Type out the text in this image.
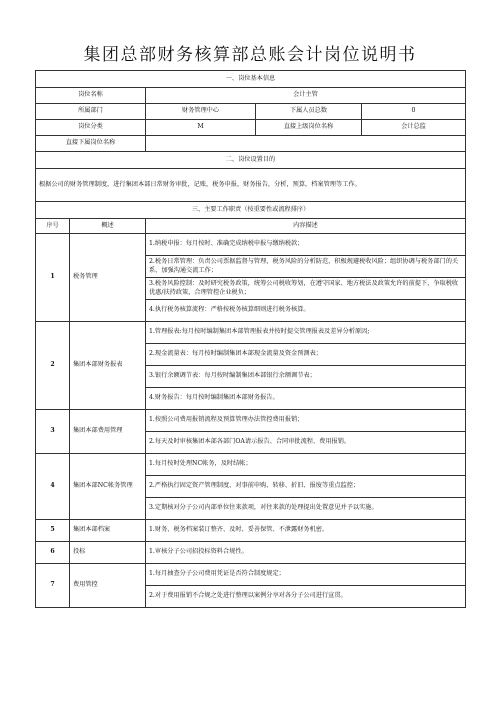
集团总部财务核算部总账会计岗位说明书
一、岗位基本信息				
岗位名称		会计主管		
所属部门		财务管理中心	下属人员总数	0
岗位分类		M	直接上级岗位名称	会计总监
直接下属岗位名称				
二、岗位设置目的				
根据公司的财务管理制度，进行集团本部日常财务审批，记账，税务申报，财务报告，分析，预算，档案管理等工作。				
三、主要工作职责（按重要性或流程排序）				
序号	概述	内容描述		
1	税务管理	1.纳税申报：每月按时、准确完成纳税申报与缴纳税款；		
		2.税务日常管理：负责公司票据监督与管理，税务风险的分析防范，积极规避税收风险；组织协调与税务部门的关系，加强沟通交流工作；		
		3.税务风险控制：及时研究税务政策，统筹公司税收筹划，在遵守国家、地方税法及政策允许的前提下，争取税收优惠/扶持政策，合理管控企业税负；		
		4.执行税务核算流程：严格按税务核算细则进行税务核算。		
2	集团本部财务报表	1.管理报表:每月按时编制集团本部管理报表并按时提交管理报表及差异分析原因;		
		2.现金流量表：每月按时编制集团本部现金流量及资金预测表；		
		3.银行余额调节表：每月按时编制集团本部银行余额调节表；		
		4.财务报告：每月按时编制集团本部财务报告。		
3	集团本部费用管理	1.按照公司费用报销流程及预算管理办法管控费用报销；		
		2.每天及时审核集团本部各部门OA请示报告、合同审批流程、费用报销。		
4	集团本部NC帐务管理	1.每月按时处理NC帐务，及时结帐；		
		2.严格执行固定资产管理制度，对事前申购、转移、折旧、报废等重点监控；		
		3.定期核对分子公司内部单位往来款项，对往来款的处理提出处置意见并予以实施。		
5	集团本部档案	1.财务、税务档案装订整齐、及时、妥善保管、不泄露财务机密。		
6	投标	1.审核分子公司招投标资料合规性。		
7	费用管控	1.每月抽查分子公司费用凭证是否符合制度规定；		
		2.对于费用报销不合规之处进行整理以案例分享对各分子公司进行宣贯。		
